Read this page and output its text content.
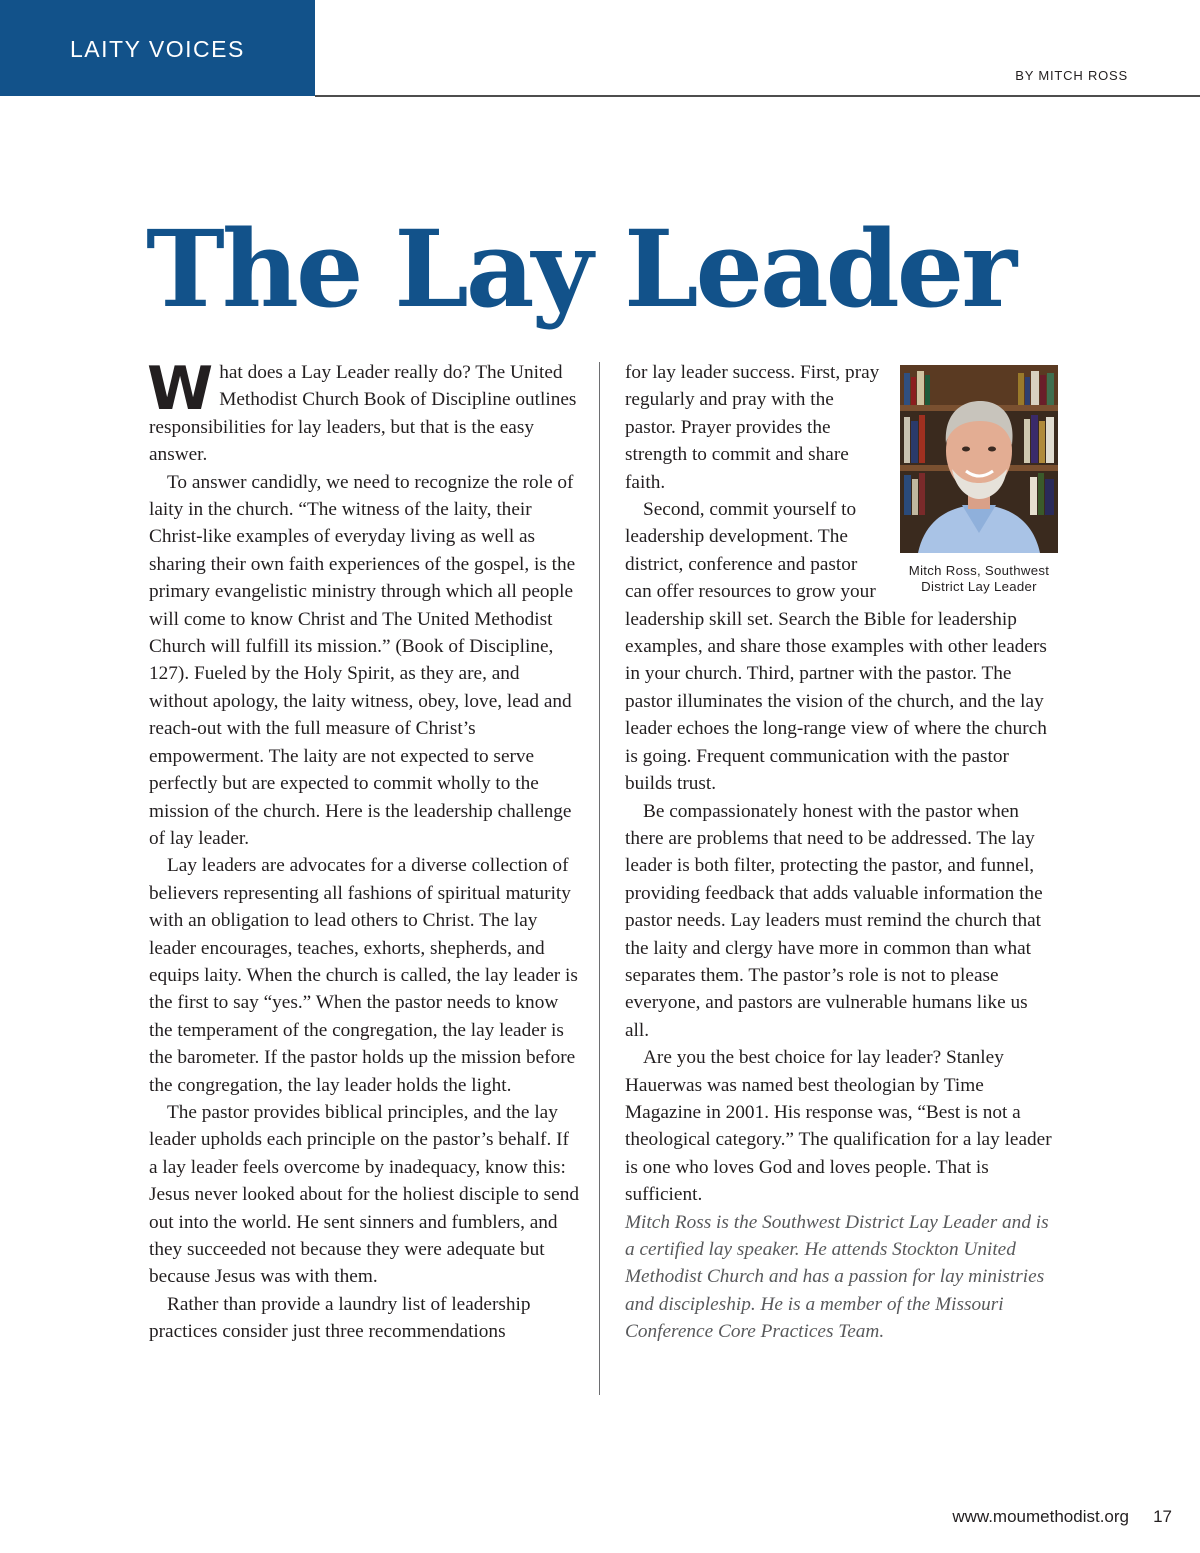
LAITY VOICES
BY MITCH ROSS
The Lay Leader

What does a Lay Leader really do? The United Methodist Church Book of Discipline outlines responsibilities for lay leaders, but that is the easy answer.

To answer candidly, we need to recognize the role of laity in the church. “The witness of the laity, their Christ-like examples of everyday living as well as sharing their own faith experiences of the gospel, is the primary evangelistic ministry through which all people will come to know Christ and The United Methodist Church will fulfill its mission.” (Book of Discipline, 127). Fueled by the Holy Spirit, as they are, and without apology, the laity witness, obey, love, lead and reach-out with the full measure of Christ’s empowerment. The laity are not expected to serve perfectly but are expected to commit wholly to the mission of the church. Here is the leadership challenge of lay leader.

Lay leaders are advocates for a diverse collection of believers representing all fashions of spiritual maturity with an obligation to lead others to Christ. The lay leader encourages, teaches, exhorts, shepherds, and equips laity. When the church is called, the lay leader is the first to say “yes.” When the pastor needs to know the temperament of the congregation, the lay leader is the barometer. If the pastor holds up the mission before the congregation, the lay leader holds the light.

The pastor provides biblical principles, and the lay leader upholds each principle on the pastor’s behalf. If a lay leader feels overcome by inadequacy, know this: Jesus never looked about for the holiest disciple to send out into the world. He sent sinners and fumblers, and they succeeded not because they were adequate but because Jesus was with them.

Rather than provide a laundry list of leadership practices consider just three recommendations

Mitch Ross, Southwest District Lay Leader

for lay leader success. First, pray regularly and pray with the pastor. Prayer provides the strength to commit and share faith.

Second, commit yourself to leadership development. The district, conference and pastor can offer resources to grow your leadership skill set. Search the Bible for leadership examples, and share those examples with other leaders in your church. Third, partner with the pastor. The pastor illuminates the vision of the church, and the lay leader echoes the long-range view of where the church is going. Frequent communication with the pastor builds trust.

Be compassionately honest with the pastor when there are problems that need to be addressed. The lay leader is both filter, protecting the pastor, and funnel, providing feedback that adds valuable information the pastor needs. Lay leaders must remind the church that the laity and clergy have more in common than what separates them. The pastor’s role is not to please everyone, and pastors are vulnerable humans like us all.

Are you the best choice for lay leader? Stanley Hauerwas was named best theologian by Time Magazine in 2001. His response was, “Best is not a theological category.” The qualification for a lay leader is one who loves God and loves people. That is sufficient.

Mitch Ross is the Southwest District Lay Leader and is a certified lay speaker. He attends Stockton United Methodist Church and has a passion for lay ministries and discipleship. He is a member of the Missouri Conference Core Practices Team.

www.moumethodist.org 17
